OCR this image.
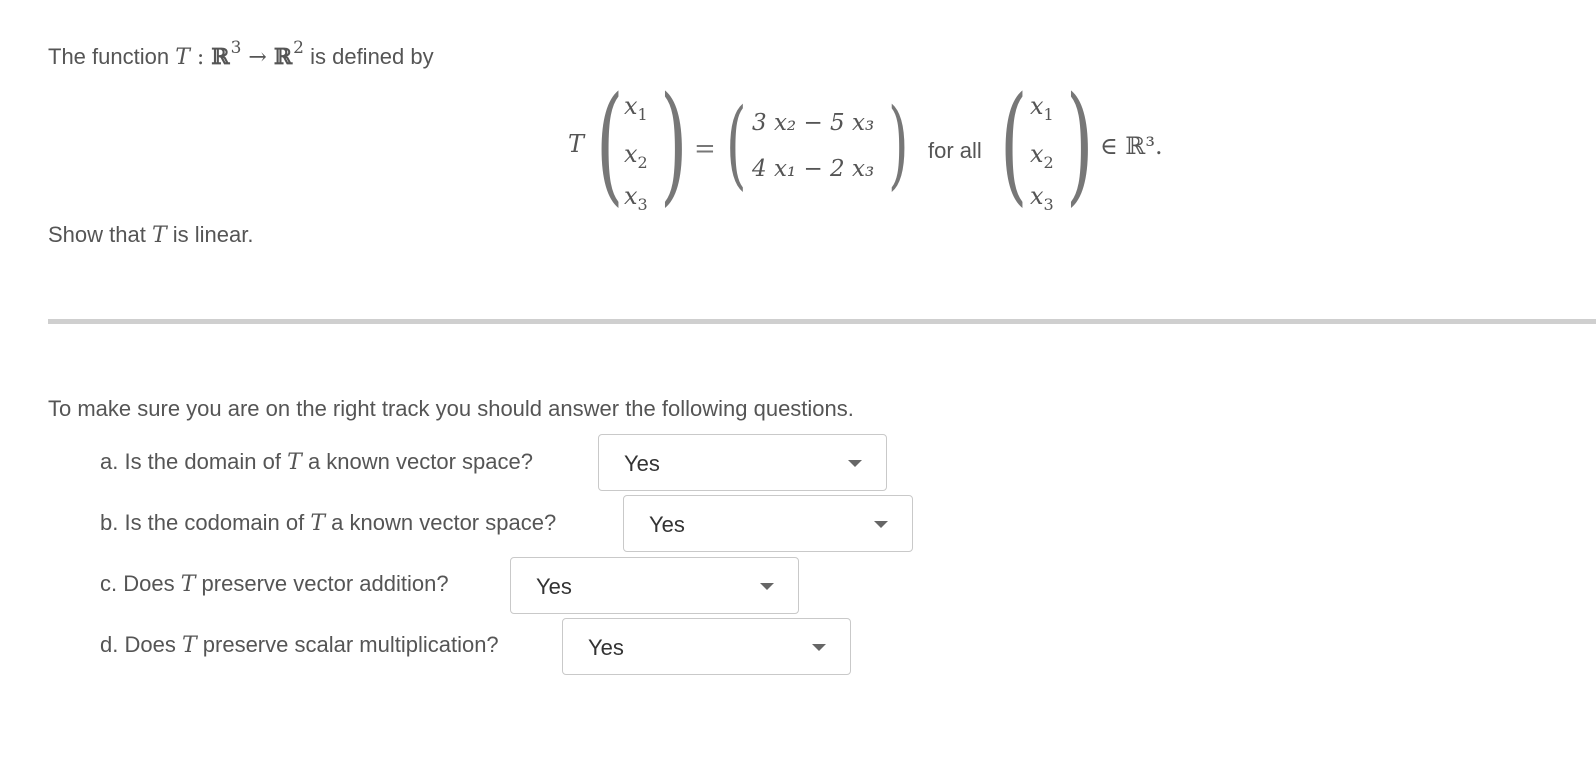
The function T : ℝ$^3$ → ℝ$^2$ is defined by
T ( $x_1$
$x_2$
$x_3$ ) = ( 3 x₂ − 5 x₃
4 x₁ − 2 x₃ ) for all ( $x_1$
$x_2$
$x_3$ ) ∈ ℝ³.
Show that T is linear.
To make sure you are on the right track you should answer the following questions.
a. Is the domain of T a known vector space?	Yes
b. Is the codomain of T a known vector space?	Yes
c. Does T preserve vector addition?	Yes
d. Does T preserve scalar multiplication?	Yes
